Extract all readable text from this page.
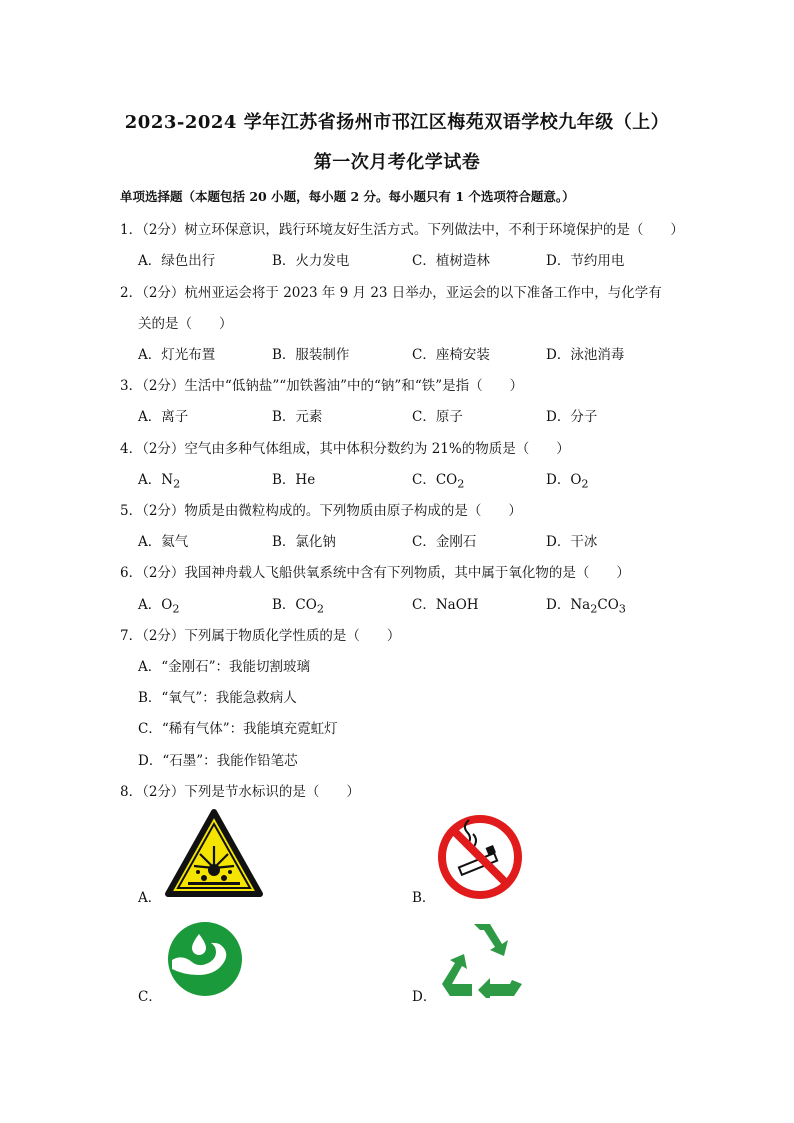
2023-2024 学年江苏省扬州市邗江区梅苑双语学校九年级（上）
第一次月考化学试卷
单项选择题（本题包括 20 小题，每小题 2 分。每小题只有 1 个选项符合题意。）
1．（2分）树立环保意识，践行环境友好生活方式。下列做法中，不利于环境保护的是（　　）
A．绿色出行	B．火力发电	C．植树造林	D．节约用电
2．（2分）杭州亚运会将于 2023 年 9 月 23 日举办，亚运会的以下准备工作中，与化学有
关的是（　　）
A．灯光布置	B．服装制作	C．座椅安装	D．泳池消毒
3．（2分）生活中“低钠盐”“加铁酱油”中的“钠”和“铁”是指（　　）
A．离子	B．元素	C．原子	D．分子
4．（2分）空气由多种气体组成，其中体积分数约为 21%的物质是（　　）
A．$N_2$	B．He	C．$CO_2$	D．$O_2$
5．（2分）物质是由微粒构成的。下列物质由原子构成的是（　　）
A．氦气	B．氯化钠	C．金刚石	D．干冰
6．（2分）我国神舟载人飞船供氧系统中含有下列物质，其中属于氧化物的是（　　）
A．$O_2$	B．$CO_2$	C．NaOH	D．$Na_2CO_3$
7．（2分）下列属于物质化学性质的是（　　）
A．“金刚石”：我能切割玻璃
B．“氧气”：我能急救病人
C．“稀有气体”：我能填充霓虹灯
D．“石墨”：我能作铅笔芯
8．（2分）下列是节水标识的是（　　）
A．	B．
C．	D．
